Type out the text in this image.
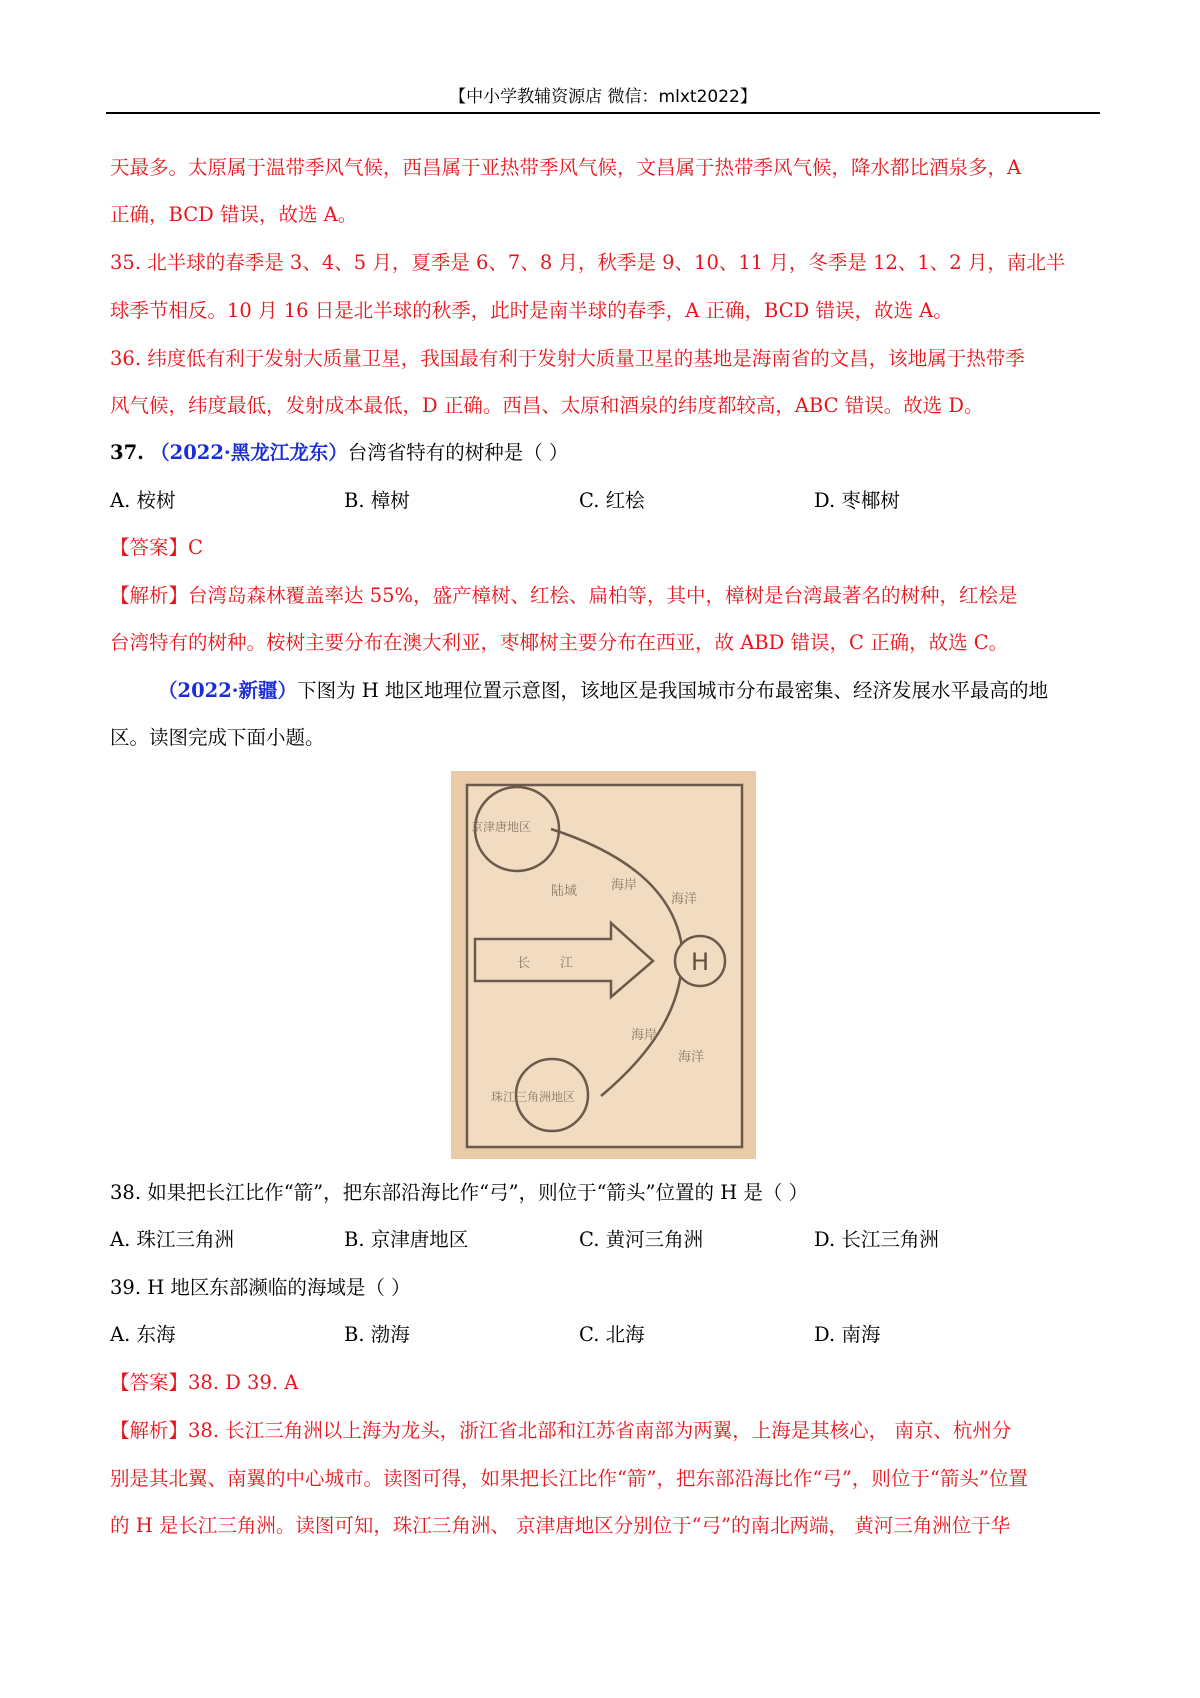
【中小学教辅资源店 微信：mlxt2022】
天最多。太原属于温带季风气候，西昌属于亚热带季风气候，文昌属于热带季风气候，降水都比酒泉多，A
正确，BCD 错误，故选 A。
35. 北半球的春季是 3、4、5 月，夏季是 6、7、8 月，秋季是 9、10、11 月，冬季是 12、1、2 月，南北半
球季节相反。10 月 16 日是北半球的秋季，此时是南半球的春季，A 正确，BCD 错误，故选 A。
36. 纬度低有利于发射大质量卫星，我国最有利于发射大质量卫星的基地是海南省的文昌，该地属于热带季
风气候，纬度最低，发射成本最低，D 正确。西昌、太原和酒泉的纬度都较高，ABC 错误。故选 D。
37. （2022·黑龙江龙东）台湾省特有的树种是（ ）
A. 桉树	B. 樟树	C. 红桧	D. 枣椰树
【答案】C
【解析】台湾岛森林覆盖率达 55%，盛产樟树、红桧、扁柏等，其中，樟树是台湾最著名的树种，红桧是
台湾特有的树种。桉树主要分布在澳大利亚，枣椰树主要分布在西亚，故 ABD 错误，C 正确，故选 C。
（2022·新疆）下图为 H 地区地理位置示意图，该地区是我国城市分布最密集、经济发展水平最高的地
区。读图完成下面小题。
H
京津唐地区
陆域	海岸
海洋
长江
海岸
海洋
珠江三角洲地区
38. 如果把长江比作“箭”，把东部沿海比作“弓”，则位于“箭头”位置的 H 是（ ）
A. 珠江三角洲	B. 京津唐地区	C. 黄河三角洲	D. 长江三角洲
39. H 地区东部濒临的海域是（ ）
A. 东海	B. 渤海	C. 北海	D. 南海
【答案】38. D 39. A
【解析】38. 长江三角洲以上海为龙头，浙江省北部和江苏省南部为两翼，上海是其核心， 南京、杭州分
别是其北翼、南翼的中心城市。读图可得，如果把长江比作“箭”，把东部沿海比作“弓”，则位于“箭头”位置
的 H 是长江三角洲。读图可知，珠江三角洲、 京津唐地区分别位于“弓”的南北两端， 黄河三角洲位于华
